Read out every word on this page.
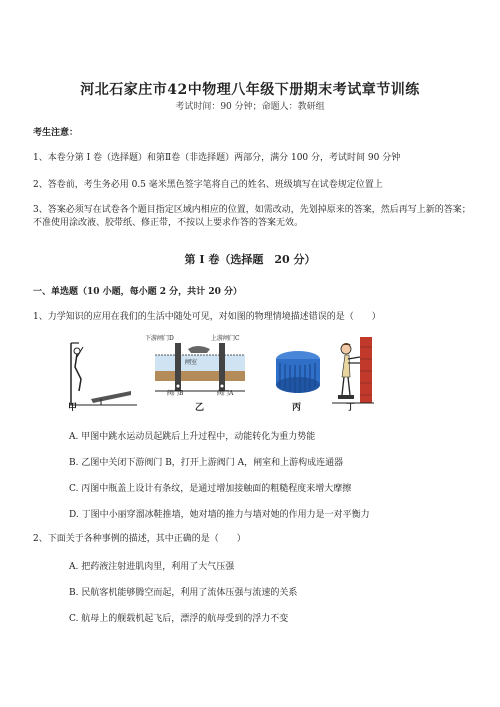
河北石家庄市42中物理八年级下册期末考试章节训练
考试时间：90 分钟；命题人：教研组
考生注意：
1、本卷分第 I 卷（选择题）和第Ⅱ卷（非选择题）两部分，满分 100 分，考试时间 90 分钟
2、答卷前，考生务必用 0.5 毫米黑色签字笔将自己的姓名、班级填写在试卷规定位置上
3、答案必须写在试卷各个题目指定区域内相应的位置，如需改动，先划掉原来的答案，然后再写上新的答案；不准使用涂改液、胶带纸、修正带，不按以上要求作答的答案无效。
第 I 卷（选择题　20 分）
一、单选题（10 小题，每小题 2 分，共计 20 分）
1、力学知识的应用在我们的生活中随处可见，对如图的物理情境描述错误的是（　　）
甲
下游闸门D	上游闸门C
闸室
阀门B	阀门A
乙	丙	丁
A. 甲图中跳水运动员起跳后上升过程中，动能转化为重力势能
B. 乙图中关闭下游阀门 B，打开上游阀门 A，闸室和上游构成连通器
C. 丙图中瓶盖上设计有条纹，是通过增加接触面的粗糙程度来增大摩擦
D. 丁图中小丽穿溜冰鞋推墙，她对墙的推力与墙对她的作用力是一对平衡力
2、下面关于各种事例的描述，其中正确的是（　　）
A. 把药液注射进肌肉里，利用了大气压强
B. 民航客机能够腾空而起，利用了流体压强与流速的关系
C. 航母上的舰载机起飞后，漂浮的航母受到的浮力不变
